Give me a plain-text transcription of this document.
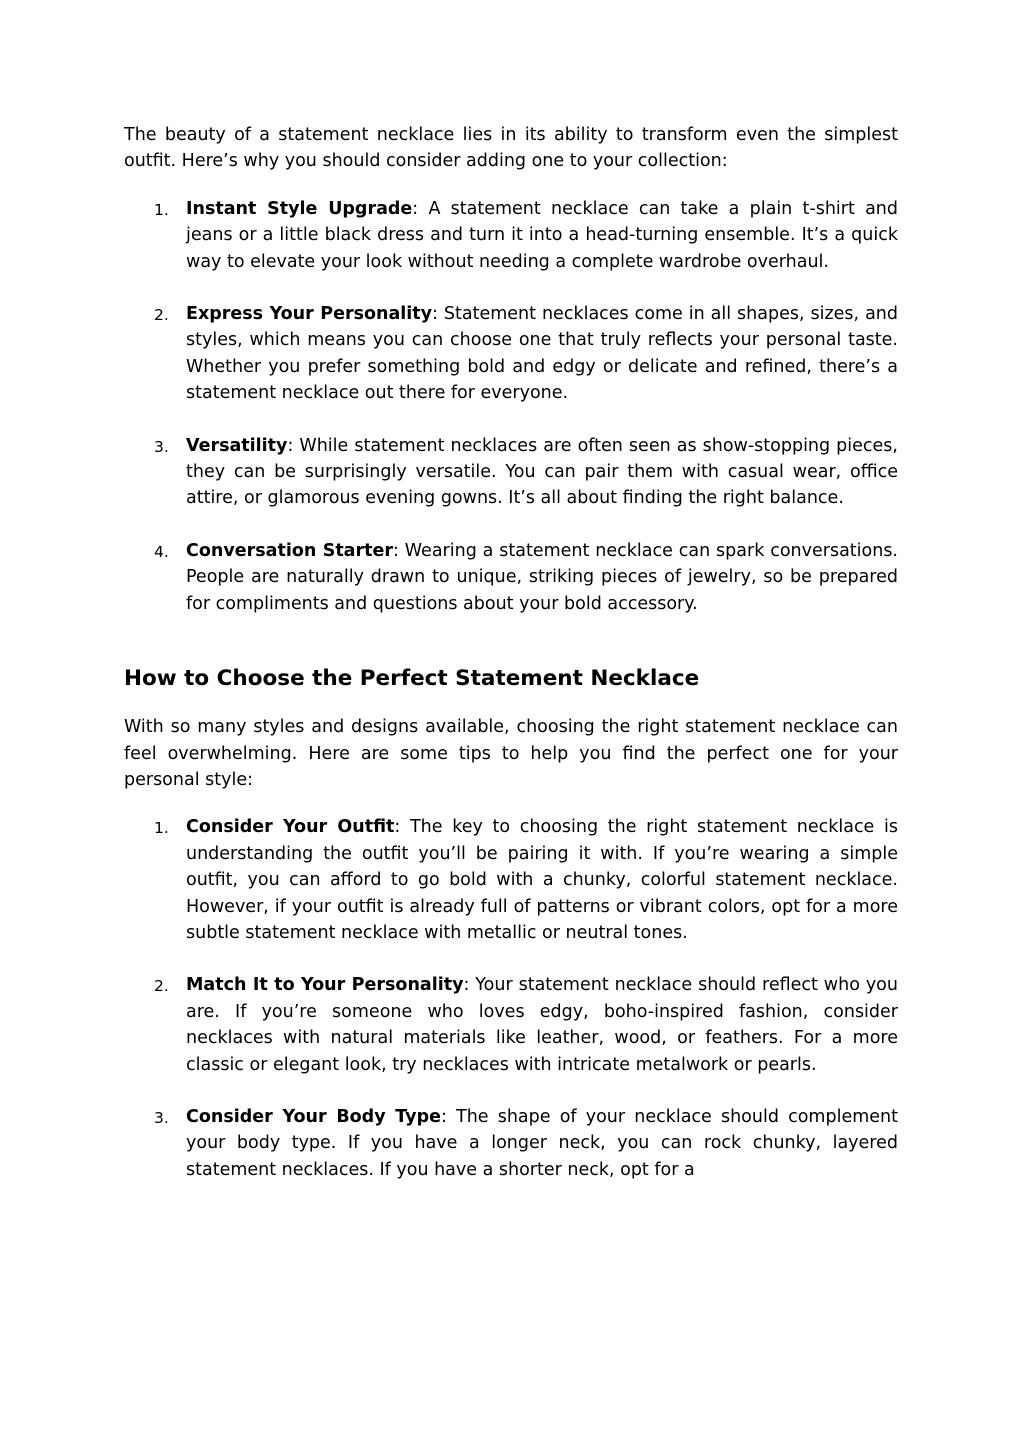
The beauty of a statement necklace lies in its ability to transform even the simplest outfit. Here’s why you should consider adding one to your collection:

1. Instant Style Upgrade: A statement necklace can take a plain t-shirt and jeans or a little black dress and turn it into a head-turning ensemble. It’s a quick way to elevate your look without needing a complete wardrobe overhaul.
2. Express Your Personality: Statement necklaces come in all shapes, sizes, and styles, which means you can choose one that truly reflects your personal taste. Whether you prefer something bold and edgy or delicate and refined, there’s a statement necklace out there for everyone.
3. Versatility: While statement necklaces are often seen as show-stopping pieces, they can be surprisingly versatile. You can pair them with casual wear, office attire, or glamorous evening gowns. It’s all about finding the right balance.
4. Conversation Starter: Wearing a statement necklace can spark conversations. People are naturally drawn to unique, striking pieces of jewelry, so be prepared for compliments and questions about your bold accessory.
How to Choose the Perfect Statement Necklace

With so many styles and designs available, choosing the right statement necklace can feel overwhelming. Here are some tips to help you find the perfect one for your personal style:

1. Consider Your Outfit: The key to choosing the right statement necklace is understanding the outfit you’ll be pairing it with. If you’re wearing a simple outfit, you can afford to go bold with a chunky, colorful statement necklace. However, if your outfit is already full of patterns or vibrant colors, opt for a more subtle statement necklace with metallic or neutral tones.
2. Match It to Your Personality: Your statement necklace should reflect who you are. If you’re someone who loves edgy, boho-inspired fashion, consider necklaces with natural materials like leather, wood, or feathers. For a more classic or elegant look, try necklaces with intricate metalwork or pearls.
3. Consider Your Body Type: The shape of your necklace should complement your body type. If you have a longer neck, you can rock chunky, layered statement necklaces. If you have a shorter neck, opt for a
